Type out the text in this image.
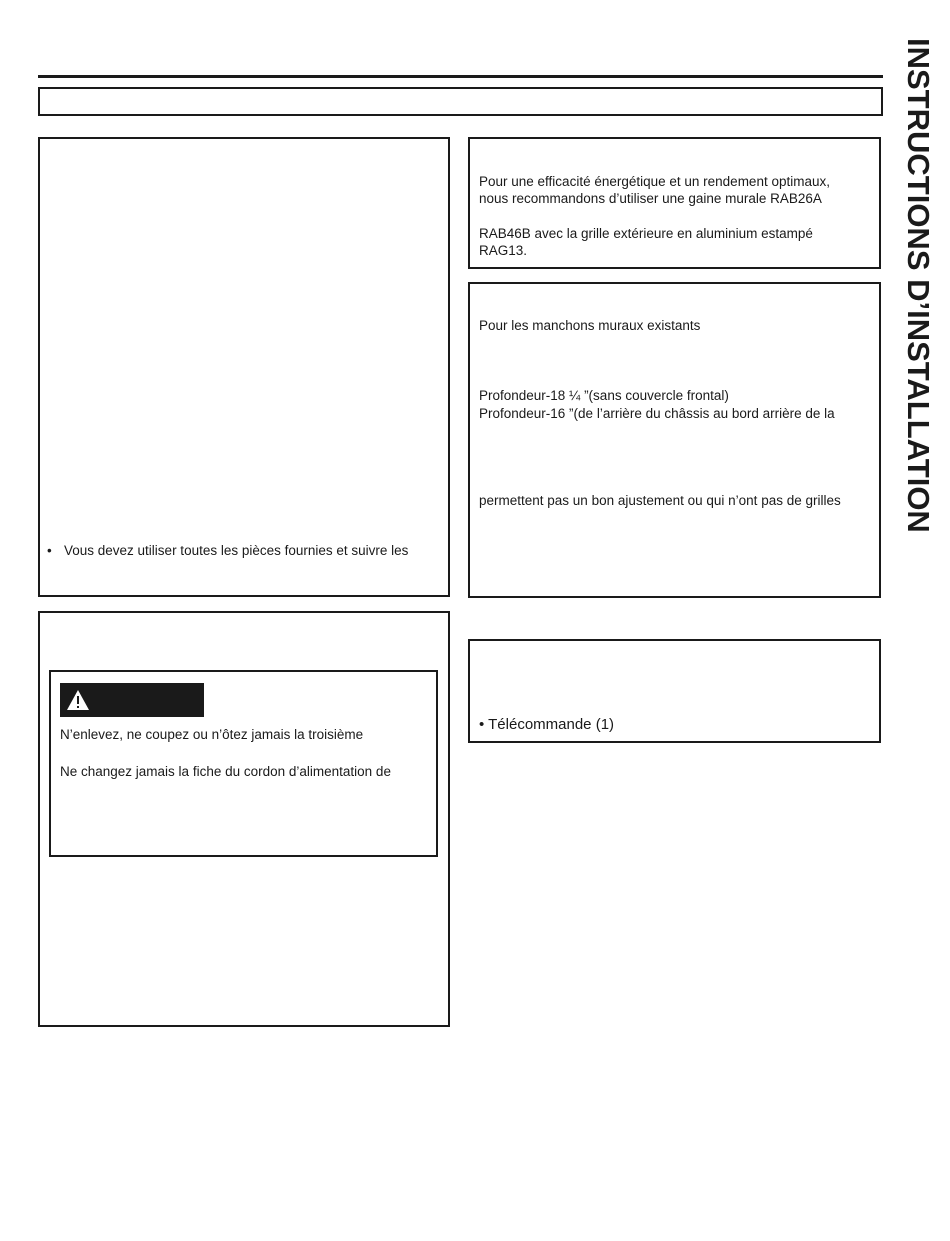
INSTRUCTIONS D’INSTALLATION
• Vous devez utiliser toutes les pièces fournies et suivre les
N’enlevez, ne coupez ou n’ôtez jamais la troisième
Ne changez jamais la fiche du cordon d’alimentation de
Pour une efficacité énergétique et un rendement optimaux,
nous recommandons d’utiliser une gaine murale RAB26A
RAB46B avec la grille extérieure en aluminium estampé
RAG13.
Pour les manchons muraux existants
Profondeur-18 ¼ ”(sans couvercle frontal)
Profondeur-16 ”(de l’arrière du châssis au bord arrière de la
permettent pas un bon ajustement ou qui n’ont pas de grilles
• Télécommande (1)
